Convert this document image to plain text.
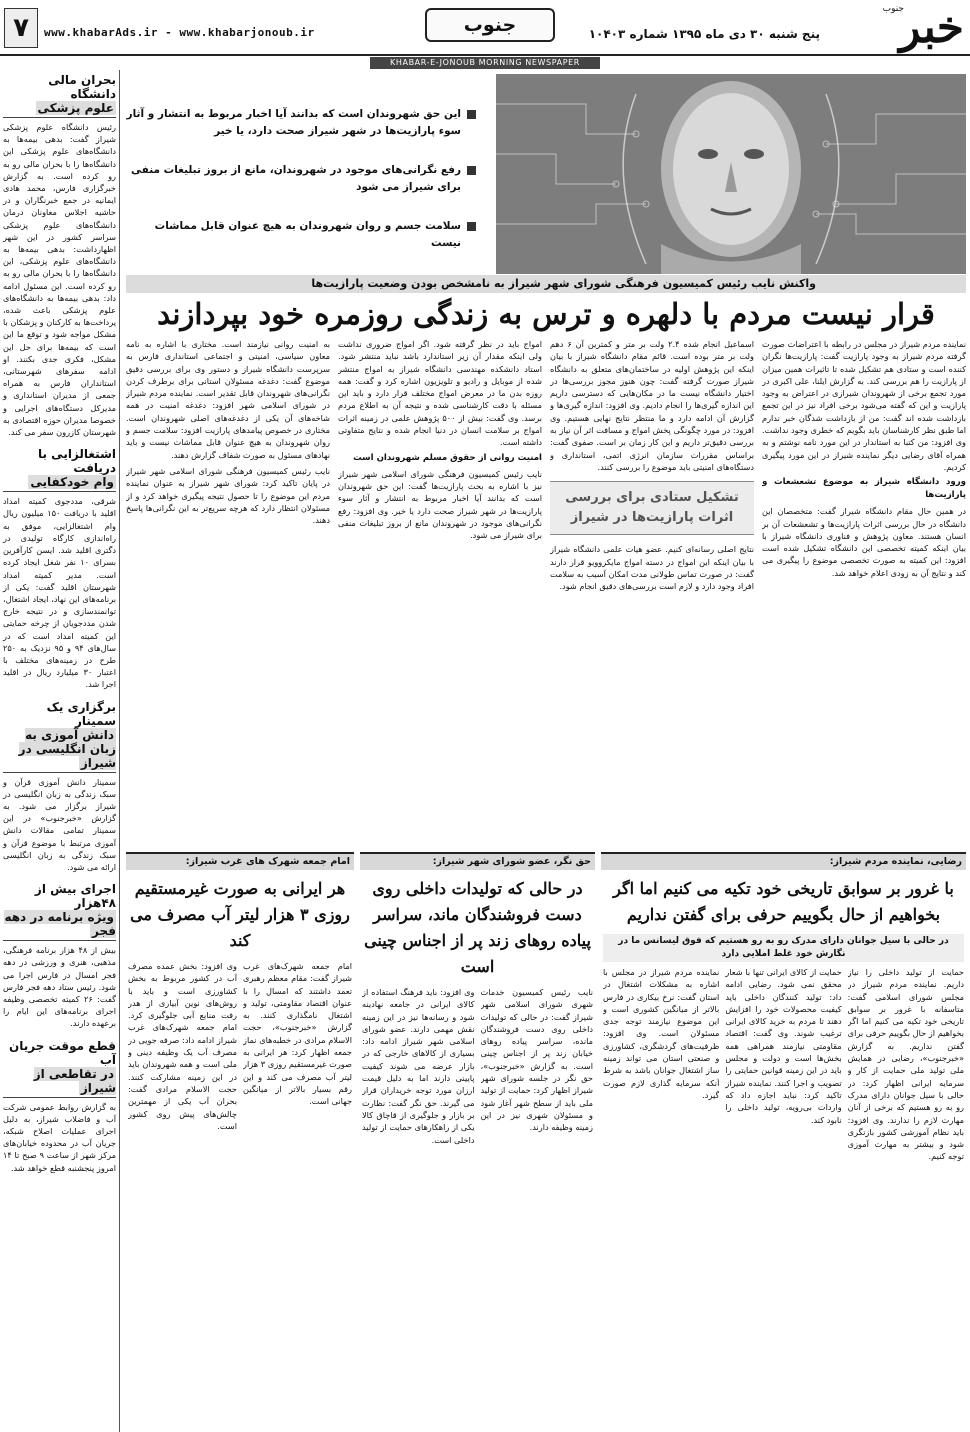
۷	www.khabarAds.ir - www.khabarjonoub.ir	جنوب	پنج شنبه ۳۰ دی ماه ۱۳۹۵ شماره ۱۰۴۰۳
جنوب
خبر
KHABAR-E-JONOUB MORNING NEWSPAPER
بحران مالی دانشگاه
علوم پزشکی
رئیس دانشگاه علوم پزشکی شیراز گفت: بدهی بیمه‌ها به دانشگاه‌های علوم پزشکی این دانشگاه‌ها را با بحران مالی رو به رو کرده است. به گزارش خبرگزاری فارس، محمد هادی ایمانیه در جمع خبرنگاران و در حاشیه اجلاس معاونان درمان دانشگاه‌های علوم پزشکی سراسر کشور در این شهر اظهارداشت: بدهی بیمه‌ها به دانشگاه‌های علوم پزشکی، این دانشگاه‌ها را با بحران مالی رو به رو کرده است. این مسئول ادامه داد: بدهی بیمه‌ها به دانشگاه‌های علوم پزشکی باعث شده، پرداخت‌ها به کارکنان و پزشکان با مشکل مواجه شود و توقع ما این است که بیمه‌ها برای حل این مشکل، فکری جدی بکنند. او ادامه سفرهای شهرستانی، استانداران فارس به همراه جمعی از مدیران استانداری و مدیرکل دستگاه‌های اجرایی و خصوصا مدیران حوزه اقتصادی به شهرستان کازرون سفر می کند.
اشتغالزایی با دریافت
وام خودکفایی
شرقی، مددجوی کمیته امداد اقلید با دریافت ۱۵۰ میلیون ریال وام اشتغالزایی، موفق به راه‌اندازی کارگاه تولیدی در دگتری اقلید شد. ایسن کارآفرین بسرای ۱۰ نفر شغل ایجاد کرده است. مدیر کمیته امداد شهرستان اقلید گفت: یکی از برنامه‌های این نهاد، ایجاد اشتغال، توانمندسازی و در نتیجه خارج شدن مددجویان از چرخه حمایتی این کمیته امداد است که در سال‌های ۹۴ و ۹۵ نزدیک به ۲۵۰ طرح در زمینه‌های مختلف با اعتبار ۳۰ میلیارد ریال در اقلید اجرا شد.
برگزاری یک سمینار
دانش آموزی به زبان انگلیسی در شیراز
سمینار دانش آموزی قرآن و سبک زندگی به زبان انگلیسی در شیراز برگزار می شود. به گزارش «خبرجنوب» در این سمینار تمامی مقالات دانش آموزی مرتبط با موضوع قرآن و سبک زندگی به زبان انگلیسی ارائه می شود.
اجرای بیش از ۴۸هزار
ویژه برنامه در دهه فجر
بیش از ۴۸ هزار برنامه فرهنگی، مذهبی، هنری و ورزشی در دهه فجر امسال در فارس اجرا می شود. رئیس ستاد دهه فجر فارس گفت: ۲۶ کمیته تخصصی وظیفه اجرای برنامه‌های این ایام را برعهده دارند.
قطع موقت جریان آب
در تقاطعی از شیراز
به گزارش روابط عمومی شرکت آب و فاضلاب شیراز، به دلیل اجرای عملیات اصلاح شبکه، جریان آب در محدوده خیابان‌های مرکز شهر از ساعت ۹ صبح تا ۱۴ امروز پنجشنبه قطع خواهد شد.
این حق شهروندان است که بدانند آیا اخبار مربوط به انتشار و آثار سوء پارازیت‌ها در شهر شیراز صحت دارد، یا خیر
رفع نگرانی‌های موجود در شهروندان، مانع از بروز تبلیغات منفی برای شیراز می شود
سلامت جسم و روان شهروندان به هیچ عنوان قابل مماشات نیست
واکنش نایب رئیس کمیسیون فرهنگی شورای شهر شیراز به نامشخص بودن وضعیت پارازیت‌ها
قرار نیست مردم با دلهره و ترس به زندگی روزمره خود بپردازند

نماینده مردم شیراز در مجلس در رابطه با اعتراضات صورت گرفته مردم شیراز به وجود پارازیت گفت: پارازیت‌ها نگران کننده است و ستادی هم تشکیل شده تا تاثیرات همین میزان از پارازیت را هم بررسی کند. به گزارش ایلنا، علی اکبری در مورد تجمع برخی از شهروندان شیرازی در اعتراض به وجود پارازیت و این که گفته می‌شود برخی افراد نیز در این تجمع بازداشت شده اند گفت: من از بازداشت شدگان خبر ندارم اما طبق نظر کارشناسان باید بگویم که خطری وجود نداشت. وی افزود: من کتبا به استاندار در این مورد نامه نوشتم و به همراه آقای رضایی دیگر نماینده شیراز در این مورد پیگیری کردیم.

ورود دانشگاه شیراز به موضوع تشعشعات و پارازیت‌ها

در همین حال مقام دانشگاه شیراز گفت: متخصصان این دانشگاه در حال بررسی اثرات پارازیت‌ها و تشعشعات آن بر انسان هستند. معاون پژوهش و فناوری دانشگاه شیراز با بیان اینکه کمیته تخصصی این دانشگاه تشکیل شده است افزود: این کمیته به صورت تخصصی موضوع را پیگیری می کند و نتایج آن به زودی اعلام خواهد شد.

اسماعیل انجام شده ۲.۴ ولت بر متر و کمترین آن ۶ دهم ولت بر متر بوده است. قائم مقام دانشگاه شیراز با بیان اینکه این پژوهش اولیه در ساختمان‌های متعلق به دانشگاه شیراز صورت گرفته گفت: چون هنوز مجوز بررسی‌ها در اختیار دانشگاه نیست ما در مکان‌هایی که دسترسی داریم این اندازه گیری‌ها را انجام دادیم. وی افزود: اندازه گیری‌ها و گزارش آن ادامه دارد و ما منتظر نتایج نهایی هستیم. وی افزود: در مورد چگونگی پخش امواج و مسافت اثر آن نیاز به بررسی دقیق‌تر داریم و این کار زمان بر است. صفوی گفت: براساس مقررات سازمان انرژی اتمی، استانداری و دستگاه‌های امنیتی باید موضوع را بررسی کنند.

تشکیل ستادی برای بررسی اثرات پارازیت‌ها در شیراز

نتایج اصلی رسانه‌ای کنیم. عضو هیات علمی دانشگاه شیراز با بیان اینکه این امواج در دسته امواج مایکروویو قرار دارند گفت: در صورت تماس طولانی مدت امکان آسیب به سلامت افراد وجود دارد و لازم است بررسی‌های دقیق انجام شود.

امواج باید در نظر گرفته شود. اگر امواج ضروری نداشت ولی اینکه مقدار آن زیر استاندارد باشد نباید منتشر شود. استاد دانشکده مهندسی دانشگاه شیراز به امواج منتشر شده از موبایل و رادیو و تلویزیون اشاره کرد و گفت: همه روزه بدن ما در معرض امواج مختلف قرار دارد و باید این مسئله با دقت کارشناسی شده و نتیجه آن به اطلاع مردم برسد. وی گفت: بیش از ۵۰۰ پژوهش علمی در زمینه اثرات امواج بر سلامت انسان در دنیا انجام شده و نتایج متفاوتی داشته است.

امنیت روانی از حقوق مسلم شهروندان است

نایب رئیس کمیسیون فرهنگی شورای اسلامی شهر شیراز نیز با اشاره به بحث پارازیت‌ها گفت: این حق شهروندان است که بدانند آیا اخبار مربوط به انتشار و آثار سوء پارازیت‌ها در شهر شیراز صحت دارد یا خیر. وی افزود: رفع نگرانی‌های موجود در شهروندان مانع از بروز تبلیغات منفی برای شیراز می شود.

به امنیت روانی نیازمند است. مختاری با اشاره به نامه معاون سیاسی، امنیتی و اجتماعی استانداری فارس به سرپرست دانشگاه شیراز و دستور وی برای بررسی دقیق موضوع گفت: دغدغه مسئولان استانی برای برطرف کردن نگرانی‌های شهروندان قابل تقدیر است. نماینده مردم شیراز در شورای اسلامی شهر افزود: دغدغه امنیت در همه شاخه‌های آن یکی از دغدغه‌های اصلی شهروندان است. مختاری در خصوص پیامدهای پارازیت افزود: سلامت جسم و روان شهروندان به هیچ عنوان قابل مماشات نیست و باید نهادهای مسئول به صورت شفاف گزارش دهند.

نایب رئیس کمیسیون فرهنگی شورای اسلامی شهر شیراز در پایان تاکید کرد: شورای شهر شیراز به عنوان نماینده مردم این موضوع را تا حصول نتیجه پیگیری خواهد کرد و از مسئولان انتظار دارد که هرچه سریع‌تر به این نگرانی‌ها پاسخ دهند.

رضایی، نماینده مردم شیراز:
با غرور بر سوابق تاریخی خود تکیه می کنیم اما اگر بخواهیم از حال بگوییم حرفی برای گفتن نداریم
در حالی با سیل جوانان دارای مدرک رو به رو هستیم که فوق لیسانس ما در نگارش خود غلط املایی دارد
حمایت از تولید داخلی را نیاز داریم. نماینده مردم شیراز در مجلس شورای اسلامی گفت: متاسفانه با غرور بر سوابق تاریخی خود تکیه می کنیم اما اگر بخواهیم از حال بگوییم حرفی برای گفتن نداریم. به گزارش «خبرجنوب»، رضایی در همایش ملی تولید ملی حمایت از کار و سرمایه ایرانی اظهار کرد: در حالی با سیل جوانان دارای مدرک رو به رو هستیم که برخی از آنان مهارت لازم را ندارند. وی افزود: باید نظام آموزشی کشور بازنگری شود و بیشتر به مهارت آموزی توجه کنیم.
حمایت از کالای ایرانی تنها با شعار محقق نمی شود. رضایی ادامه داد: تولید کنندگان داخلی باید کیفیت محصولات خود را افزایش دهند تا مردم به خرید کالای ایرانی ترغیب شوند. وی گفت: اقتصاد مقاومتی نیازمند همراهی همه بخش‌ها است و دولت و مجلس باید در این زمینه قوانین حمایتی را تصویب و اجرا کنند. نماینده شیراز تاکید کرد: نباید اجازه داد که واردات بی‌رویه، تولید داخلی را نابود کند.
نماینده مردم شیراز در مجلس با اشاره به مشکلات اشتغال در استان گفت: نرخ بیکاری در فارس بالاتر از میانگین کشوری است و این موضوع نیازمند توجه جدی مسئولان است. وی افزود: ظرفیت‌های گردشگری، کشاورزی و صنعتی استان می تواند زمینه ساز اشتغال جوانان باشد به شرط آنکه سرمایه گذاری لازم صورت گیرد.
حق نگر، عضو شورای شهر شیراز:
در حالی که تولیدات داخلی روی دست فروشندگان ماند، سراسر پیاده روهای زند پر از اجناس چینی است
نایب رئیس کمیسیون خدمات شهری شورای اسلامی شهر شیراز گفت: در حالی که تولیدات داخلی روی دست فروشندگان مانده، سراسر پیاده روهای خیابان زند پر از اجناس چینی است. به گزارش «خبرجنوب»، حق نگر در جلسه شورای شهر شیراز اظهار کرد: حمایت از تولید ملی باید از سطح شهر آغاز شود و مسئولان شهری نیز در این زمینه وظیفه دارند.
وی افزود: باید فرهنگ استفاده از کالای ایرانی در جامعه نهادینه شود و رسانه‌ها نیز در این زمینه نقش مهمی دارند. عضو شورای اسلامی شهر شیراز ادامه داد: بسیاری از کالاهای خارجی که در بازار عرضه می شوند کیفیت پایینی دارند اما به دلیل قیمت ارزان مورد توجه خریداران قرار می گیرند. حق نگر گفت: نظارت بر بازار و جلوگیری از قاچاق کالا یکی از راهکارهای حمایت از تولید داخلی است.
امام جمعه شهرک های غرب شیراز:
هر ایرانی به صورت غیرمستقیم روزی ۳ هزار لیتر آب مصرف می کند
امام جمعه شهرک‌های غرب شیراز گفت: مقام معظم رهبری تعمد داشتند که امسال را با عنوان اقتصاد مقاومتی، تولید و اشتغال نامگذاری کنند. به گزارش «خبرجنوب»، حجت الاسلام مرادی در خطبه‌های نماز جمعه اظهار کرد: هر ایرانی به صورت غیرمستقیم روزی ۳ هزار لیتر آب مصرف می کند و این رقم بسیار بالاتر از میانگین جهانی است.
وی افزود: بخش عمده مصرف آب در کشور مربوط به بخش کشاورزی است و باید با روش‌های نوین آبیاری از هدر رفت منابع آبی جلوگیری کرد. امام جمعه شهرک‌های غرب شیراز ادامه داد: صرفه جویی در مصرف آب یک وظیفه دینی و ملی است و همه شهروندان باید در این زمینه مشارکت کنند. حجت الاسلام مرادی گفت: بحران آب یکی از مهمترین چالش‌های پیش روی کشور است.
